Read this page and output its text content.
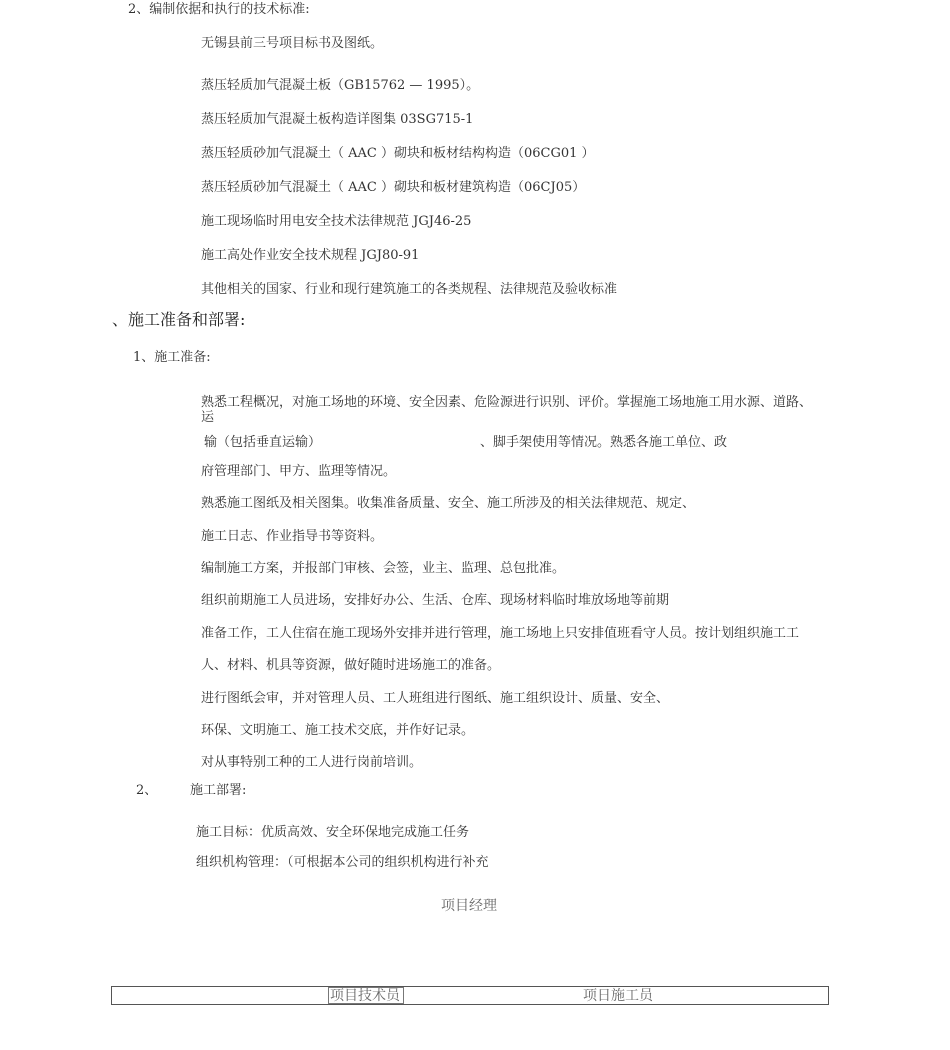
2、编制依据和执行的技术标准:
无锡县前三号项目标书及图纸。
蒸压轻质加气混凝土板（GB15762 — 1995）。
蒸压轻质加气混凝土板构造详图集 03SG715-1
蒸压轻质砂加气混凝土（ AAC ）砌块和板材结构构造（06CG01 ）
蒸压轻质砂加气混凝土（ AAC ）砌块和板材建筑构造（06CJ05）
施工现场临时用电安全技术法律规范 JGJ46-25
施工高处作业安全技术规程 JGJ80-91
其他相关的国家、行业和现行建筑施工的各类规程、法律规范及验收标准
、施工准备和部署:
1、施工准备:
熟悉工程概况，对施工场地的环境、安全因素、危险源进行识别、评价。掌握施工场地施工用水源、道路、
运
输（包括垂直运输）	、脚手架使用等情况。熟悉各施工单位、政
府管理部门、甲方、监理等情况。
熟悉施工图纸及相关图集。收集准备质量、安全、施工所涉及的相关法律规范、规定、
施工日志、作业指导书等资料。
编制施工方案，并报部门审核、会签，业主、监理、总包批准。
组织前期施工人员进场，安排好办公、生活、仓库、现场材料临时堆放场地等前期
准备工作，工人住宿在施工现场外安排并进行管理，施工场地上只安排值班看守人员。按计划组织施工工
人、材料、机具等资源，做好随时进场施工的准备。
进行图纸会审，并对管理人员、工人班组进行图纸、施工组织设计、质量、安全、
环保、文明施工、施工技术交底，并作好记录。
对从事特别工种的工人进行岗前培训。
2、	施工部署:
施工目标：优质高效、安全环保地完成施工任务
组织机构管理：（可根据本公司的组织机构进行补充
项目经理
项目技术员	项日施工员
